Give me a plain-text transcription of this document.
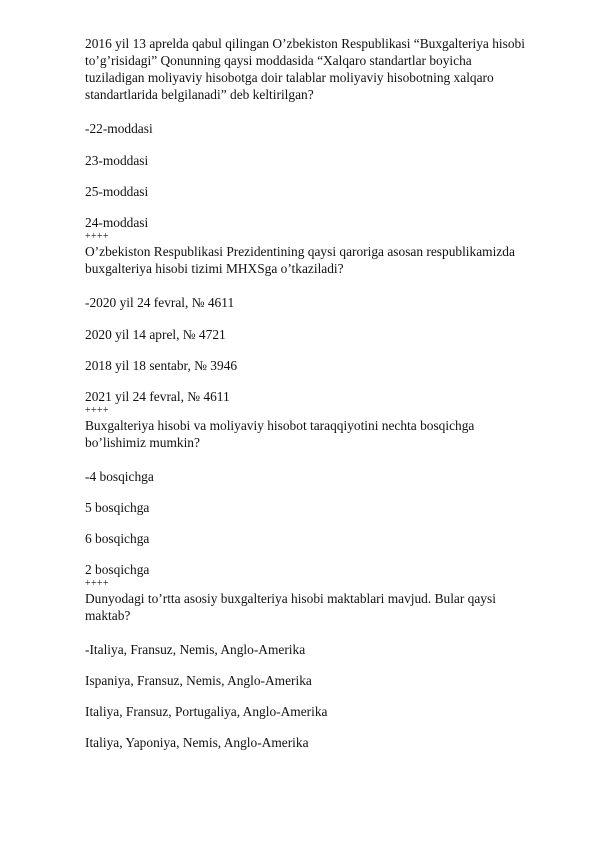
2016 yil 13 aprelda qabul qilingan O’zbekiston Respublikasi “Buxgalteriya hisobi

to’g’risidagi” Qonunning qaysi moddasida “Xalqaro standartlar boyicha

tuziladigan moliyaviy hisobotga doir talablar moliyaviy hisobotning xalqaro

standartlarida belgilanadi” deb keltirilgan?

-22-moddasi

23-moddasi

25-moddasi

24-moddasi

++++

O’zbekiston Respublikasi Prezidentining qaysi qaroriga asosan respublikamizda

buxgalteriya hisobi tizimi MHXSga o’tkaziladi?

-2020 yil 24 fevral, № 4611

2020 yil 14 aprel, № 4721

2018 yil 18 sentabr, № 3946

2021 yil 24 fevral, № 4611

++++

Buxgalteriya hisobi va moliyaviy hisobot taraqqiyotini nechta bosqichga

bo’lishimiz mumkin?

-4 bosqichga

5 bosqichga

6 bosqichga

2 bosqichga

++++

Dunyodagi to’rtta asosiy buxgalteriya hisobi maktablari mavjud. Bular qaysi

maktab?

-Italiya, Fransuz, Nemis, Anglo-Amerika

Ispaniya, Fransuz, Nemis, Anglo-Amerika

Italiya, Fransuz, Portugaliya, Anglo-Amerika

Italiya, Yaponiya, Nemis, Anglo-Amerika
